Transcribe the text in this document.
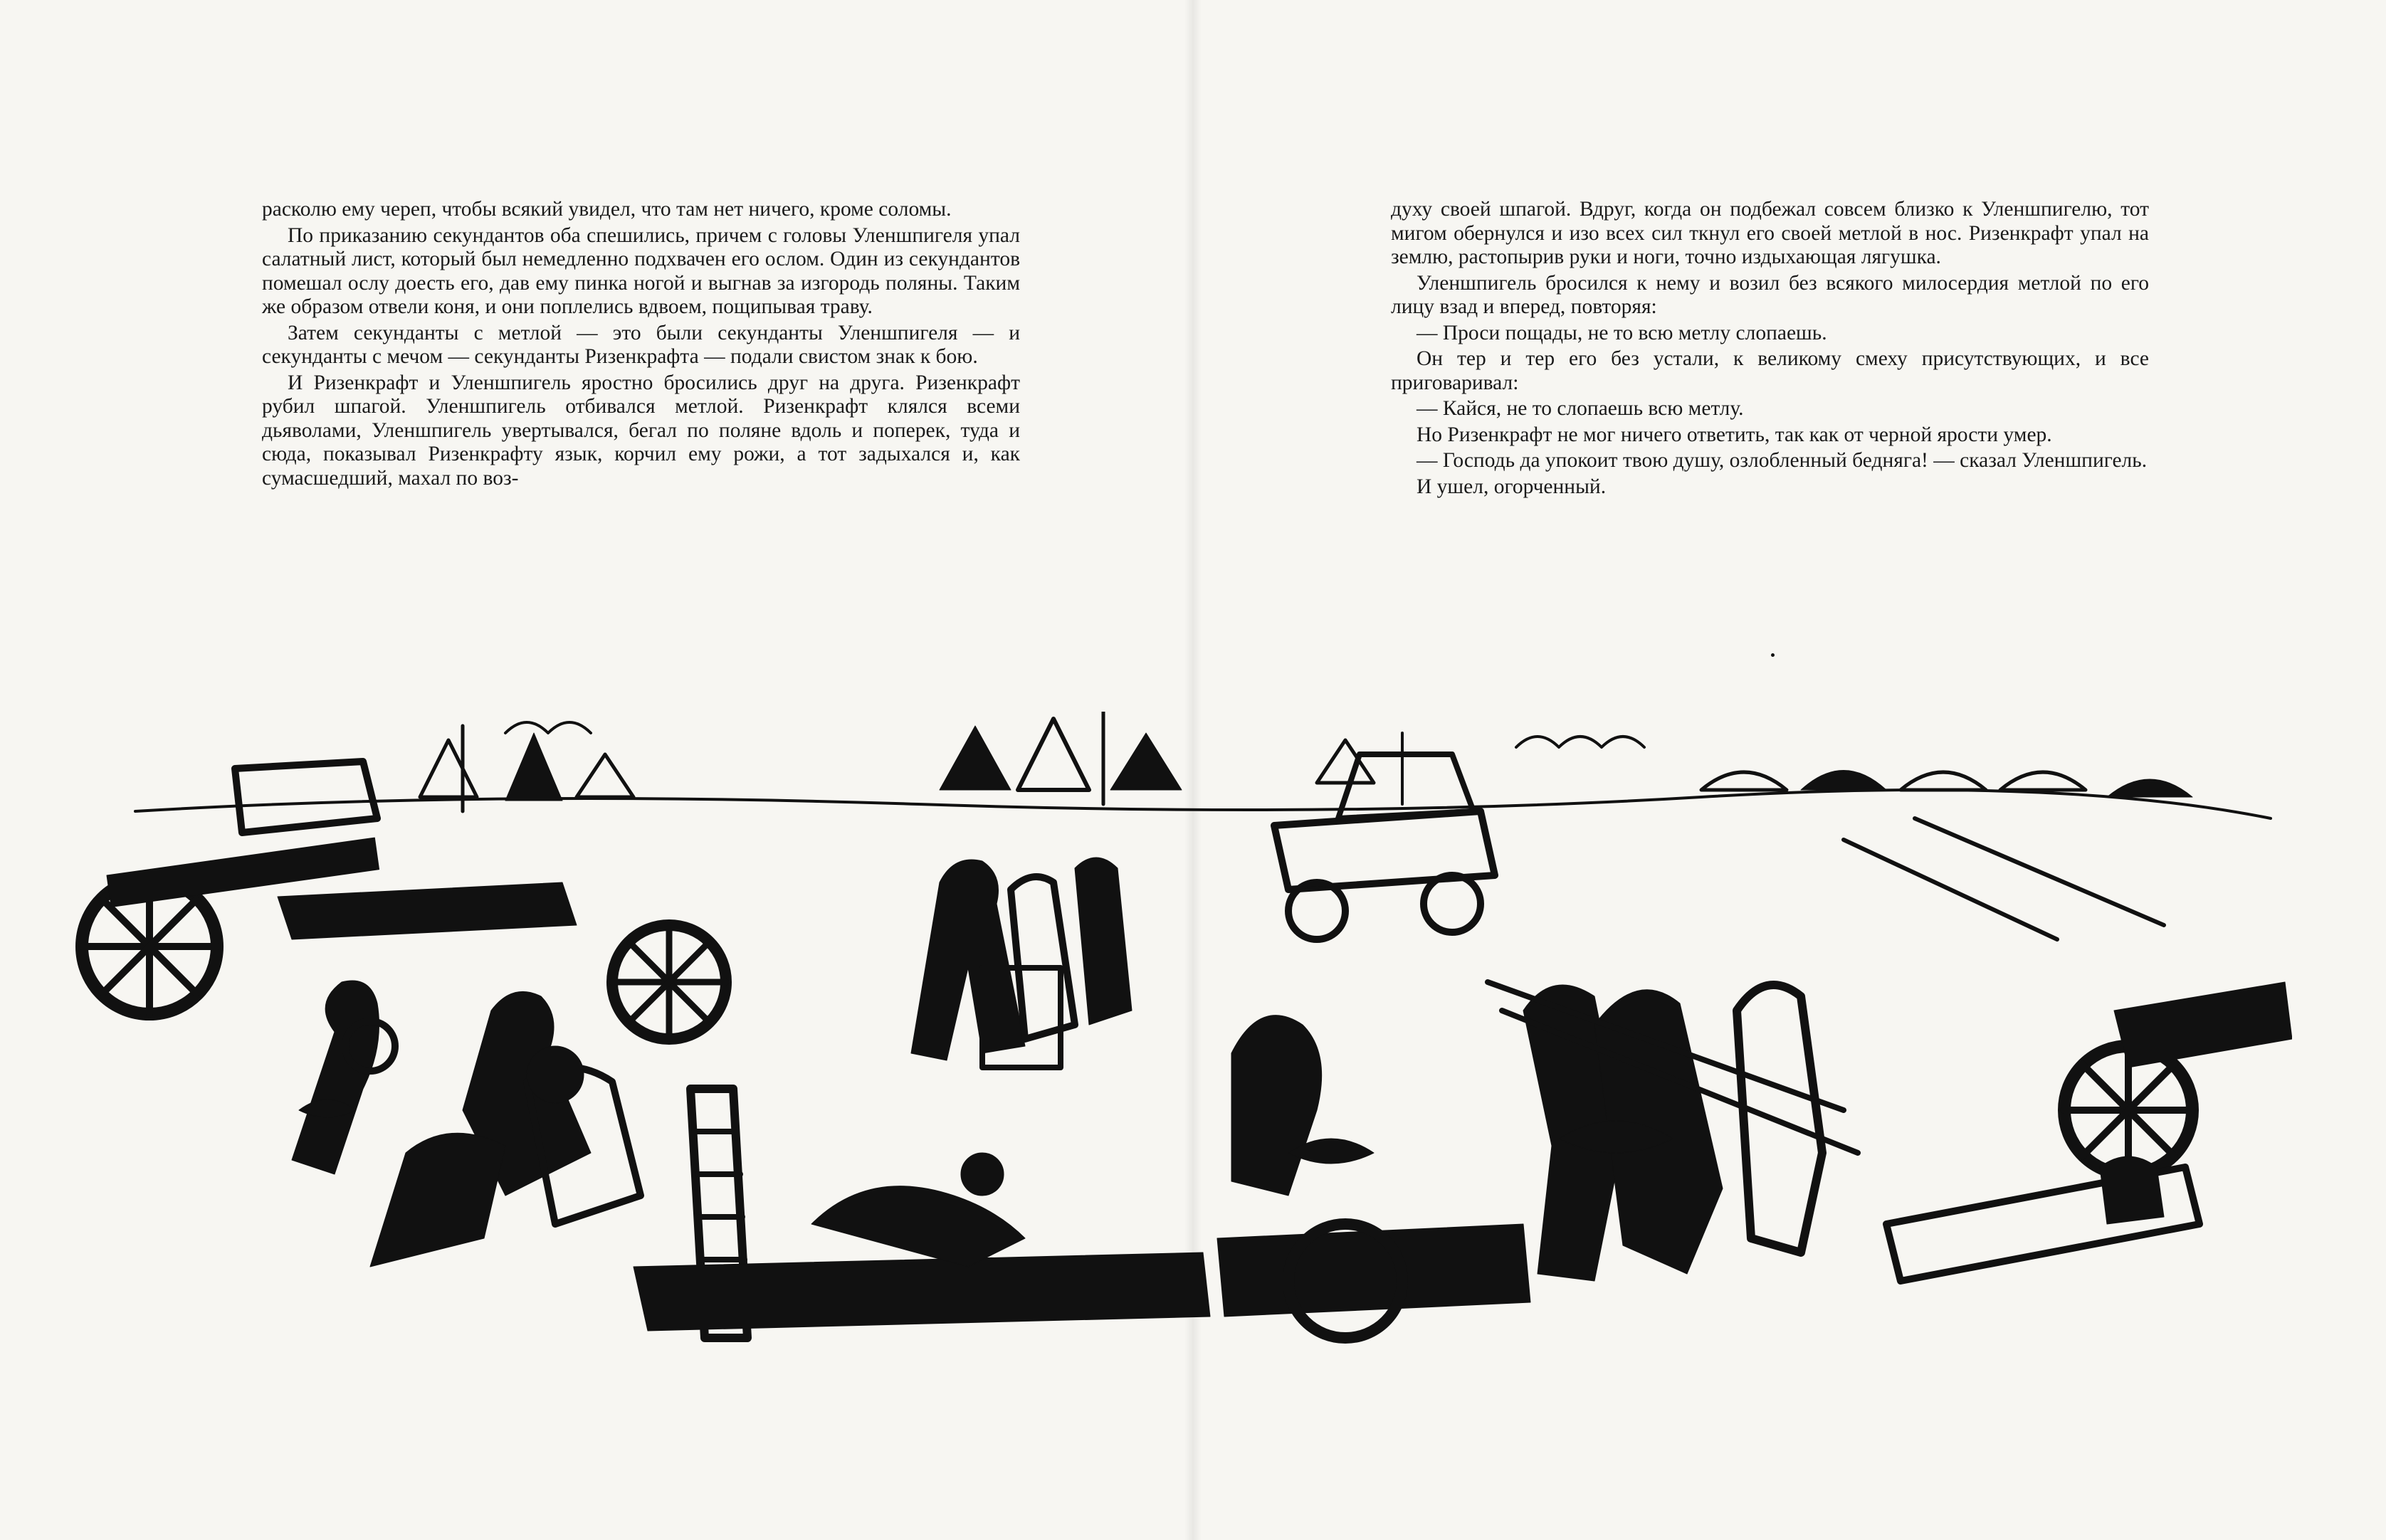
расколю ему череп, чтобы всякий увидел, что там нет ничего, кроме соломы.

По приказанию секундантов оба спешились, причем с головы Уленшпигеля упал салатный лист, который был немедленно подхвачен его ослом. Один из секундантов помешал ослу доесть его, дав ему пинка ногой и выгнав за изгородь поляны. Таким же образом отвели коня, и они поплелись вдвоем, пощипывая траву.

Затем секунданты с метлой — это были секунданты Уленшпигеля — и секунданты с мечом — секунданты Ризенкрафта — подали свистом знак к бою.

И Ризенкрафт и Уленшпигель яростно бросились друг на друга. Ризенкрафт рубил шпагой. Уленшпигель отбивался метлой. Ризенкрафт клялся всеми дьяволами, Уленшпигель увертывался, бегал по поляне вдоль и поперек, туда и сюда, показывал Ризенкрафту язык, корчил ему рожи, а тот задыхался и, как сумасшедший, махал по воз-

духу своей шпагой. Вдруг, когда он подбежал совсем близко к Уленшпигелю, тот мигом обернулся и изо всех сил ткнул его своей метлой в нос. Ризенкрафт упал на землю, растопырив руки и ноги, точно издыхающая лягушка.

Уленшпигель бросился к нему и возил без всякого милосердия метлой по его лицу взад и вперед, повторяя:

— Проси пощады, не то всю метлу слопаешь.

Он тер и тер его без устали, к великому смеху присутствующих, и все приговаривал:

— Кайся, не то слопаешь всю метлу.

Но Ризенкрафт не мог ничего ответить, так как от черной ярости умер.

— Господь да упокоит твою душу, озлобленный бедняга! — сказал Уленшпигель.

И ушел, огорченный.
